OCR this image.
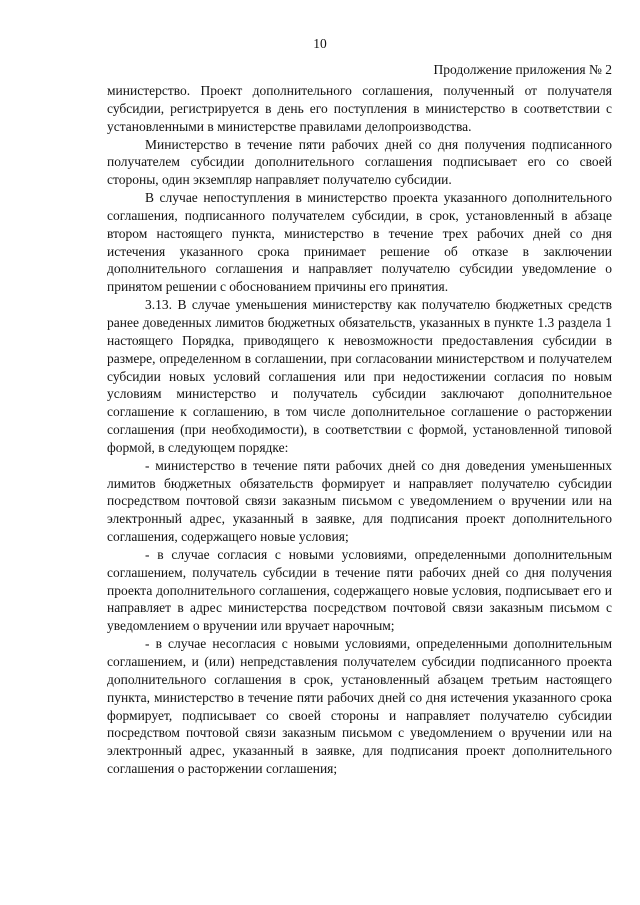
10
Продолжение приложения № 2

министерство. Проект дополнительного соглашения, полученный от получателя субсидии, регистрируется в день его поступления в министерство в соответствии с установленными в министерстве правилами делопроизводства.

Министерство в течение пяти рабочих дней со дня получения подписанного получателем субсидии дополнительного соглашения подписывает его со своей стороны, один экземпляр направляет получателю субсидии.

В случае непоступления в министерство проекта указанного дополнительного соглашения, подписанного получателем субсидии, в срок, установленный в абзаце втором настоящего пункта, министерство в течение трех рабочих дней со дня истечения указанного срока принимает решение об отказе в заключении дополнительного соглашения и направляет получателю субсидии уведомление о принятом решении с обоснованием причины его принятия.

3.13. В случае уменьшения министерству как получателю бюджетных средств ранее доведенных лимитов бюджетных обязательств, указанных в пункте 1.3 раздела 1 настоящего Порядка, приводящего к невозможности предоставления субсидии в размере, определенном в соглашении, при согласовании министерством и получателем субсидии новых условий соглашения или при недостижении согласия по новым условиям министерство и получатель субсидии заключают дополнительное соглашение к соглашению, в том числе дополнительное соглашение о расторжении соглашения (при необходимости), в соответствии с формой, установленной типовой формой, в следующем порядке:

- министерство в течение пяти рабочих дней со дня доведения уменьшенных лимитов бюджетных обязательств формирует и направляет получателю субсидии посредством почтовой связи заказным письмом с уведомлением о вручении или на электронный адрес, указанный в заявке, для подписания проект дополнительного соглашения, содержащего новые условия;

- в случае согласия с новыми условиями, определенными дополнительным соглашением, получатель субсидии в течение пяти рабочих дней со дня получения проекта дополнительного соглашения, содержащего новые условия, подписывает его и направляет в адрес министерства посредством почтовой связи заказным письмом с уведомлением о вручении или вручает нарочным;

- в случае несогласия с новыми условиями, определенными дополнительным соглашением, и (или) непредставления получателем субсидии подписанного проекта дополнительного соглашения в срок, установленный абзацем третьим настоящего пункта, министерство в течение пяти рабочих дней со дня истечения указанного срока формирует, подписывает со своей стороны и направляет получателю субсидии посредством почтовой связи заказным письмом с уведомлением о вручении или на электронный адрес, указанный в заявке, для подписания проект дополнительного соглашения о расторжении соглашения;
